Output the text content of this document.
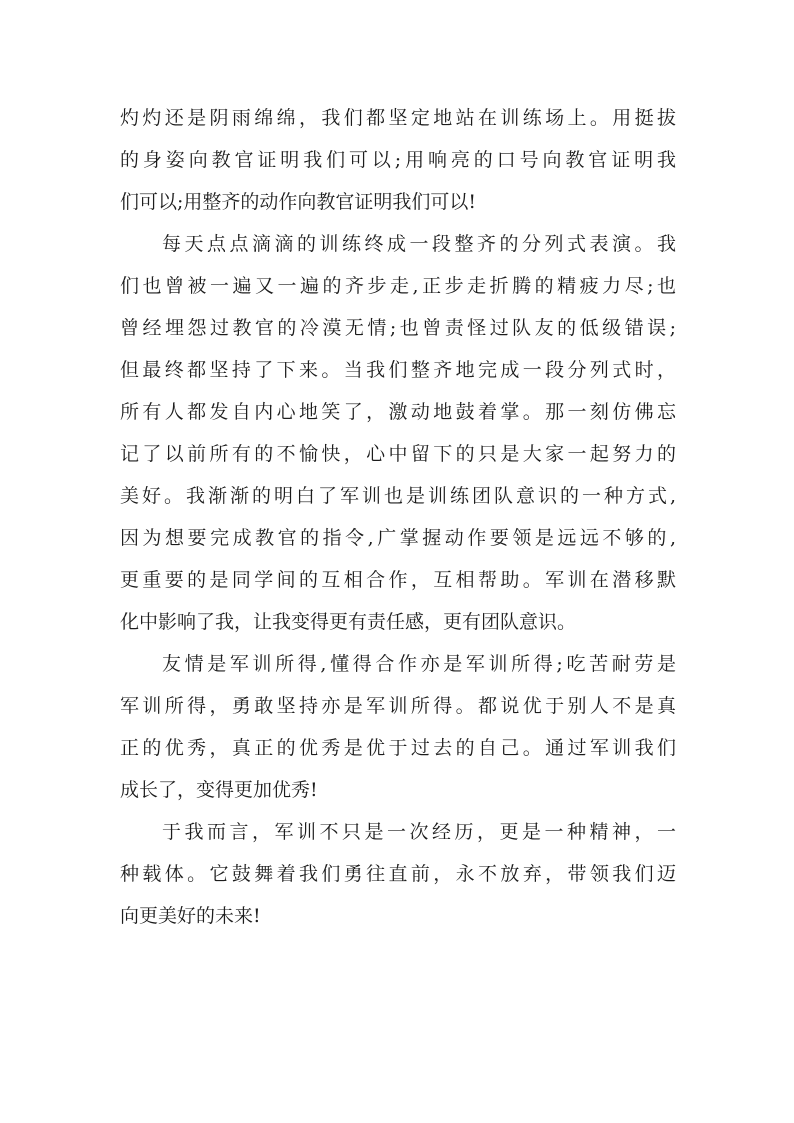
灼灼还是阴雨绵绵，我们都坚定地站在训练场上。用挺拔

的身姿向教官证明我们可以;用响亮的口号向教官证明我

们可以;用整齐的动作向教官证明我们可以!

每天点点滴滴的训练终成一段整齐的分列式表演。我

们也曾被一遍又一遍的齐步走,正步走折腾的精疲力尽;也

曾经埋怨过教官的冷漠无情;也曾责怪过队友的低级错误;

但最终都坚持了下来。当我们整齐地完成一段分列式时，

所有人都发自内心地笑了，激动地鼓着掌。那一刻仿佛忘

记了以前所有的不愉快，心中留下的只是大家一起努力的

美好。我渐渐的明白了军训也是训练团队意识的一种方式,

因为想要完成教官的指令,广掌握动作要领是远远不够的,

更重要的是同学间的互相合作，互相帮助。军训在潜移默

化中影响了我，让我变得更有责任感，更有团队意识。

友情是军训所得,懂得合作亦是军训所得;吃苦耐劳是

军训所得，勇敢坚持亦是军训所得。都说优于别人不是真

正的优秀，真正的优秀是优于过去的自己。通过军训我们

成长了，变得更加优秀!

于我而言，军训不只是一次经历，更是一种精神，一

种载体。它鼓舞着我们勇往直前，永不放弃，带领我们迈

向更美好的未来!
